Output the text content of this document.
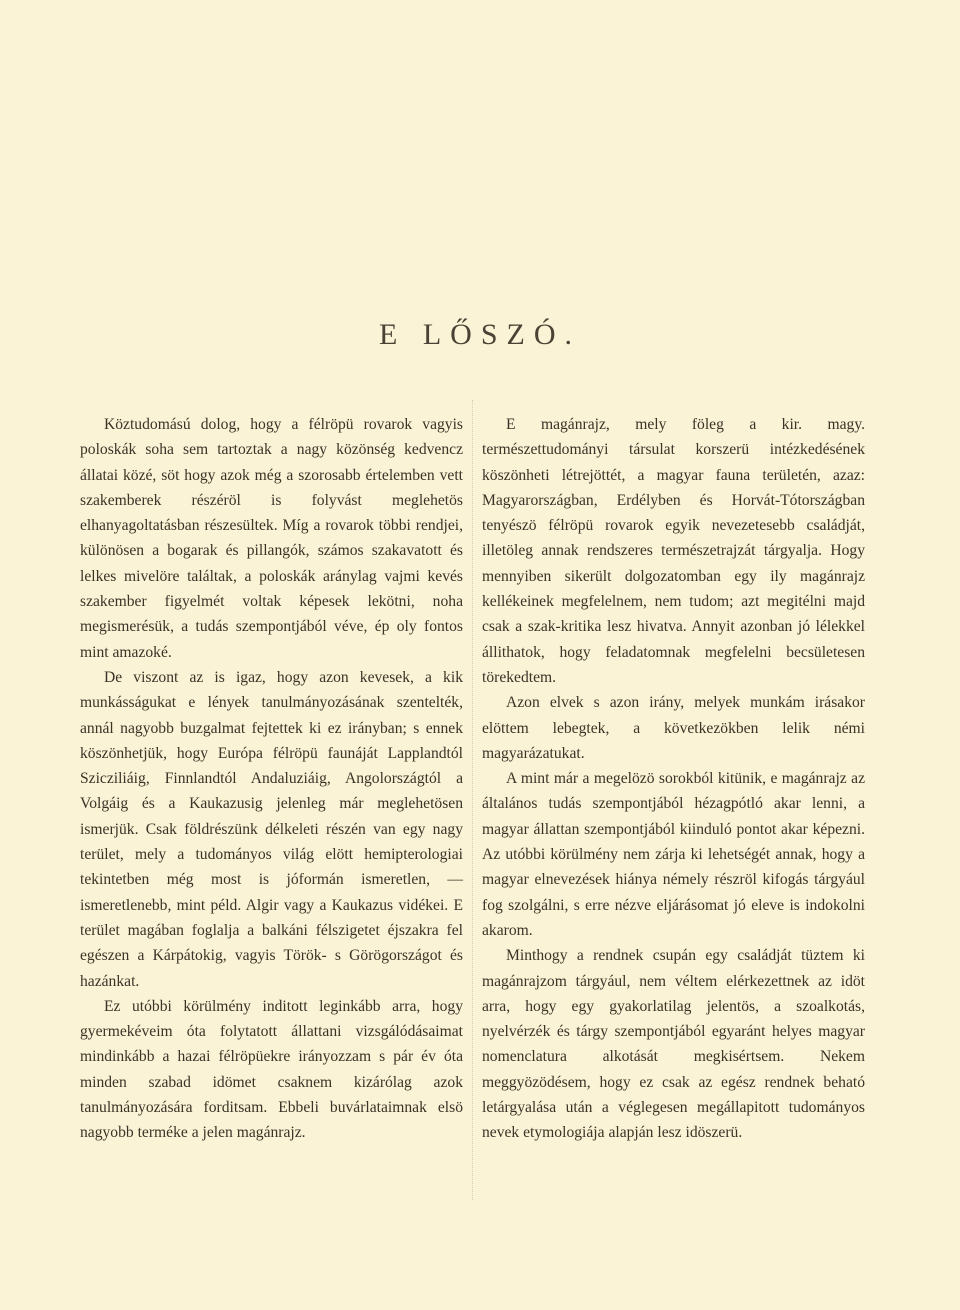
E LŐSZÓ.

Köztudomású dolog, hogy a félröpü rovarok vagyis poloskák soha sem tartoztak a nagy közönség kedvencz állatai közé, söt hogy azok még a szorosabb értelemben vett szakemberek részéröl is folyvást meglehetös elhanyagoltatásban részesültek. Míg a rovarok többi rendjei, különösen a bogarak és pillangók, számos szakavatott és lelkes mivelöre találtak, a poloskák aránylag vajmi kevés szakember figyelmét voltak képesek lekötni, noha megismerésük, a tudás szempontjából véve, ép oly fontos mint amazoké.

De viszont az is igaz, hogy azon kevesek, a kik munkásságukat e lények tanulmányozásának szentelték, annál nagyobb buzgalmat fejtettek ki ez irányban; s ennek köszönhetjük, hogy Európa félröpü faunáját Lapplandtól Szicziliáig, Finnlandtól Andaluziáig, Angolországtól a Volgáig és a Kaukazusig jelenleg már meglehetösen ismerjük. Csak földrészünk délkeleti részén van egy nagy terület, mely a tudományos világ elött hemipterologiai tekintetben még most is jóformán ismeretlen, — ismeretlenebb, mint péld. Algir vagy a Kaukazus vidékei. E terület magában foglalja a balkáni félszigetet éjszakra fel egészen a Kárpátokig, vagyis Török- s Görögországot és hazánkat.

Ez utóbbi körülmény inditott leginkább arra, hogy gyermekéveim óta folytatott állattani vizsgálódásaimat mindinkább a hazai félröpüekre irányozzam s pár év óta minden szabad idömet csaknem kizárólag azok tanulmányozására forditsam. Ebbeli buvárlataimnak elsö nagyobb terméke a jelen magánrajz.

E magánrajz, mely föleg a kir. magy. természettudományi társulat korszerü intézkedésének köszönheti létrejöttét, a magyar fauna területén, azaz: Magyarországban, Erdélyben és Horvát-Tótországban tenyészö félröpü rovarok egyik nevezetesebb családját, illetöleg annak rendszeres természetrajzát tárgyalja. Hogy mennyiben sikerült dolgozatomban egy ily magánrajz kellékeinek megfelelnem, nem tudom; azt megitélni majd csak a szak-kritika lesz hivatva. Annyit azonban jó lélekkel állithatok, hogy feladatomnak megfelelni becsületesen törekedtem.

Azon elvek s azon irány, melyek munkám irásakor elöttem lebegtek, a következökben lelik némi magyarázatukat.

A mint már a megelözö sorokból kitünik, e magánrajz az általános tudás szempontjából hézagpótló akar lenni, a magyar állattan szempontjából kiinduló pontot akar képezni. Az utóbbi körülmény nem zárja ki lehetségét annak, hogy a magyar elnevezések hiánya némely részröl kifogás tárgyául fog szolgálni, s erre nézve eljárásomat jó eleve is indokolni akarom.

Minthogy a rendnek csupán egy családját tüztem ki magánrajzom tárgyául, nem véltem elérkezettnek az idöt arra, hogy egy gyakorlatilag jelentös, a szoalkotás, nyelvérzék és tárgy szempontjából egyaránt helyes magyar nomenclatura alkotását megkisértsem. Nekem meggyözödésem, hogy ez csak az egész rendnek beható letárgyalása után a véglegesen megállapitott tudományos nevek etymologiája alapján lesz idöszerü.
